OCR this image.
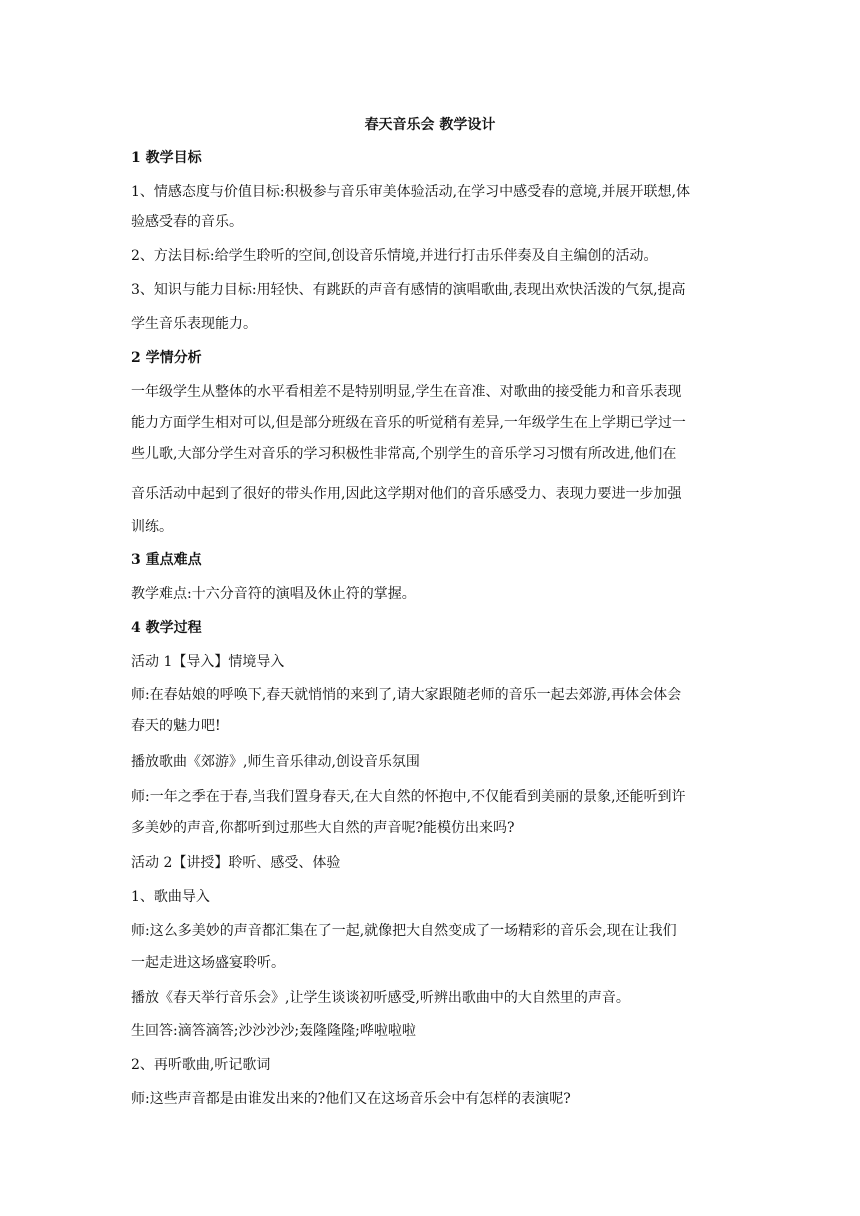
春天音乐会 教学设计
1 教学目标
1、情感态度与价值目标:积极参与音乐审美体验活动,在学习中感受春的意境,并展开联想,体
验感受春的音乐。
2、方法目标:给学生聆听的空间,创设音乐情境,并进行打击乐伴奏及自主编创的活动。
3、知识与能力目标:用轻快、有跳跃的声音有感情的演唱歌曲,表现出欢快活泼的气氛,提高
学生音乐表现能力。
2 学情分析
一年级学生从整体的水平看相差不是特别明显,学生在音准、对歌曲的接受能力和音乐表现
能力方面学生相对可以,但是部分班级在音乐的听觉稍有差异,一年级学生在上学期已学过一
些儿歌,大部分学生对音乐的学习积极性非常高,个别学生的音乐学习习惯有所改进,他们在
音乐活动中起到了很好的带头作用,因此这学期对他们的音乐感受力、表现力要进一步加强
训练。
3 重点难点
教学难点:十六分音符的演唱及休止符的掌握。
4 教学过程
活动 1【导入】情境导入
师:在春姑娘的呼唤下,春天就悄悄的来到了,请大家跟随老师的音乐一起去郊游,再体会体会
春天的魅力吧!
播放歌曲《郊游》,师生音乐律动,创设音乐氛围
师:一年之季在于春,当我们置身春天,在大自然的怀抱中,不仅能看到美丽的景象,还能听到许
多美妙的声音,你都听到过那些大自然的声音呢?能模仿出来吗?
活动 2【讲授】聆听、感受、体验
1、歌曲导入
师:这么多美妙的声音都汇集在了一起,就像把大自然变成了一场精彩的音乐会,现在让我们
一起走进这场盛宴聆听。
播放《春天举行音乐会》,让学生谈谈初听感受,听辨出歌曲中的大自然里的声音。
生回答:滴答滴答;沙沙沙沙;轰隆隆隆;哗啦啦啦
2、再听歌曲,听记歌词
师:这些声音都是由谁发出来的?他们又在这场音乐会中有怎样的表演呢?
